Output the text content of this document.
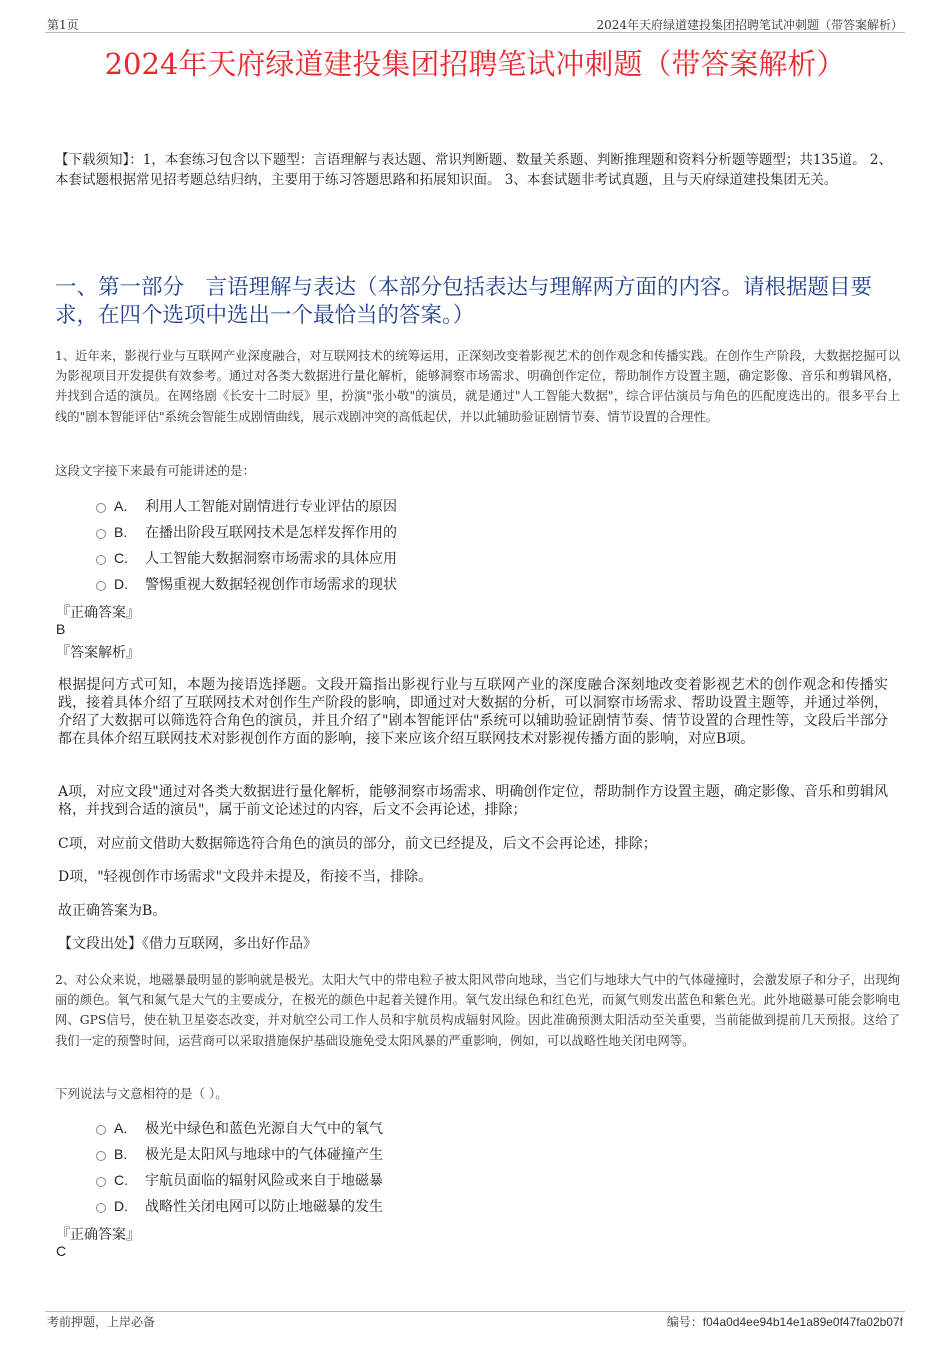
第1页	2024年天府绿道建投集团招聘笔试冲刺题（带答案解析）
2024年天府绿道建投集团招聘笔试冲刺题（带答案解析）
【下载须知】：1，本套练习包含以下题型：言语理解与表达题、常识判断题、数量关系题、判断推理题和资料分析题等题型；共135道。 2、本套试题根据常见招考题总结归纳，主要用于练习答题思路和拓展知识面。 3、本套试题非考试真题，且与天府绿道建投集团无关。
一、第一部分　言语理解与表达（本部分包括表达与理解两方面的内容。请根据题目要求，在四个选项中选出一个最恰当的答案。）
1、近年来，影视行业与互联网产业深度融合，对互联网技术的统筹运用，正深刻改变着影视艺术的创作观念和传播实践。在创作生产阶段，大数据挖掘可以为影视项目开发提供有效参考。通过对各类大数据进行量化解析，能够洞察市场需求、明确创作定位，帮助制作方设置主题，确定影像、音乐和剪辑风格，并找到合适的演员。在网络剧《长安十二时辰》里，扮演"张小敬"的演员，就是通过"人工智能大数据"，综合评估演员与角色的匹配度选出的。很多平台上线的"剧本智能评估"系统会智能生成剧情曲线，展示戏剧冲突的高低起伏，并以此辅助验证剧情节奏、情节设置的合理性。
这段文字接下来最有可能讲述的是：
A.	利用人工智能对剧情进行专业评估的原因
B.	在播出阶段互联网技术是怎样发挥作用的
C.	人工智能大数据洞察市场需求的具体应用
D.	警惕重视大数据轻视创作市场需求的现状
『正确答案』
B
『答案解析』
根据提问方式可知，本题为接语选择题。文段开篇指出影视行业与互联网产业的深度融合深刻地改变着影视艺术的创作观念和传播实践，接着具体介绍了互联网技术对创作生产阶段的影响，即通过对大数据的分析，可以洞察市场需求、帮助设置主题等，并通过举例，介绍了大数据可以筛选符合角色的演员，并且介绍了"剧本智能评估"系统可以辅助验证剧情节奏、情节设置的合理性等，文段后半部分都在具体介绍互联网技术对影视创作方面的影响，接下来应该介绍互联网技术对影视传播方面的影响，对应B项。
A项，对应文段"通过对各类大数据进行量化解析，能够洞察市场需求、明确创作定位，帮助制作方设置主题，确定影像、音乐和剪辑风格，并找到合适的演员"，属于前文论述过的内容，后文不会再论述，排除；
C项，对应前文借助大数据筛选符合角色的演员的部分，前文已经提及，后文不会再论述，排除；
D项，"轻视创作市场需求"文段并未提及，衔接不当，排除。
故正确答案为B。
【文段出处】《借力互联网，多出好作品》
2、对公众来说，地磁暴最明显的影响就是极光。太阳大气中的带电粒子被太阳风带向地球，当它们与地球大气中的气体碰撞时，会激发原子和分子，出现绚丽的颜色。氧气和氮气是大气的主要成分，在极光的颜色中起着关键作用。氧气发出绿色和红色光，而氮气则发出蓝色和紫色光。此外地磁暴可能会影响电网、GPS信号，使在轨卫星姿态改变，并对航空公司工作人员和宇航员构成辐射风险。因此准确预测太阳活动至关重要，当前能做到提前几天预报。这给了我们一定的预警时间，运营商可以采取措施保护基础设施免受太阳风暴的严重影响，例如，可以战略性地关闭电网等。
下列说法与文意相符的是（ ）。
A.	极光中绿色和蓝色光源自大气中的氧气
B.	极光是太阳风与地球中的气体碰撞产生
C.	宇航员面临的辐射风险或来自于地磁暴
D.	战略性关闭电网可以防止地磁暴的发生
『正确答案』
C
考前押题，上岸必备	编号：f04a0d4ee94b14e1a89e0f47fa02b07f
